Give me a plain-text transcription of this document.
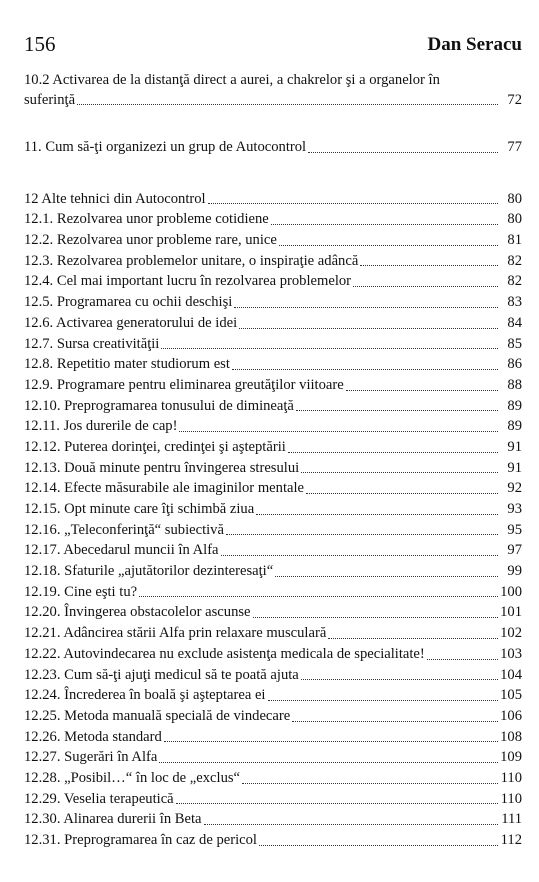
156	Dan Seracu
10.2 Activarea de la distanţă direct a aurei, a chakrelor şi a organelor în
suferinţă	72
11. Cum să-ţi organizezi un grup de Autocontrol	77
12 Alte tehnici din Autocontrol	80
12.1. Rezolvarea unor probleme cotidiene	80
12.2. Rezolvarea unor probleme rare, unice	81
12.3. Rezolvarea problemelor unitare, o inspiraţie adâncă	82
12.4. Cel mai important lucru în rezolvarea problemelor	82
12.5. Programarea cu ochii deschişi	83
12.6. Activarea generatorului de idei	84
12.7. Sursa creativităţii	85
12.8. Repetitio mater studiorum est	86
12.9. Programare pentru eliminarea greutăţilor viitoare	88
12.10. Preprogramarea tonusului de dimineaţă	89
12.11. Jos durerile de cap!	89
12.12. Puterea dorinţei, credinţei şi aşteptării	91
12.13. Două minute pentru învingerea stresului	91
12.14. Efecte măsurabile ale imaginilor mentale	92
12.15. Opt minute care îţi schimbă ziua	93
12.16. „Teleconferinţă“ subiectivă	95
12.17. Abecedarul muncii în Alfa	97
12.18. Sfaturile „ajutătorilor dezinteresaţi“	99
12.19. Cine eşti tu?	100
12.20. Învingerea obstacolelor ascunse	101
12.21. Adâncirea stării Alfa prin relaxare musculară	102
12.22. Autovindecarea nu exclude asistenţa medicala de specialitate!	103
12.23. Cum să-ţi ajuţi medicul să te poată ajuta	104
12.24. Încrederea în boală şi aşteptarea ei	105
12.25. Metoda manuală specială de vindecare	106
12.26. Metoda standard	108
12.27. Sugerări în Alfa	109
12.28. „Posibil…“ în loc de „exclus“	110
12.29. Veselia terapeutică	110
12.30. Alinarea durerii în Beta	111
12.31. Preprogramarea în caz de pericol	112
